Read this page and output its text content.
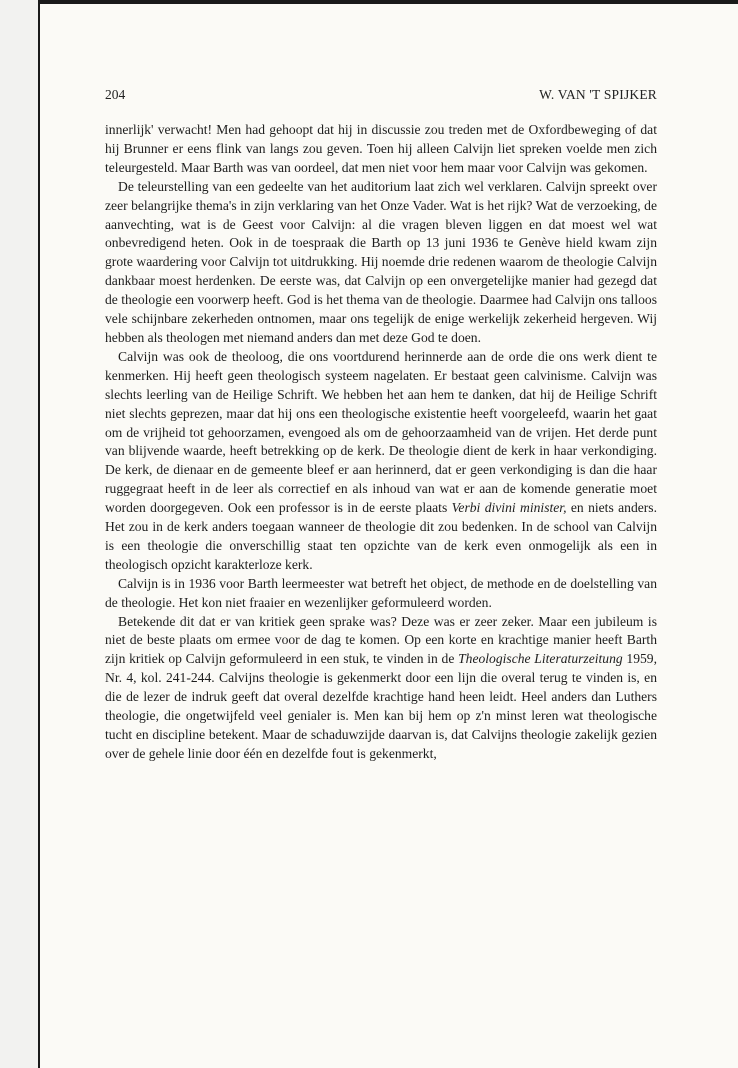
204	W. VAN 'T SPIJKER

innerlijk' verwacht! Men had gehoopt dat hij in discussie zou treden met de Oxfordbeweging of dat hij Brunner er eens flink van langs zou geven. Toen hij alleen Calvijn liet spreken voelde men zich teleurgesteld. Maar Barth was van oordeel, dat men niet voor hem maar voor Calvijn was gekomen.

De teleurstelling van een gedeelte van het auditorium laat zich wel verklaren. Calvijn spreekt over zeer belangrijke thema's in zijn verklaring van het Onze Vader. Wat is het rijk? Wat de verzoeking, de aanvechting, wat is de Geest voor Calvijn: al die vragen bleven liggen en dat moest wel wat onbevredigend heten. Ook in de toespraak die Barth op 13 juni 1936 te Genève hield kwam zijn grote waardering voor Calvijn tot uitdrukking. Hij noemde drie redenen waarom de theologie Calvijn dankbaar moest herdenken. De eerste was, dat Calvijn op een onvergetelijke manier had gezegd dat de theologie een voorwerp heeft. God is het thema van de theologie. Daarmee had Calvijn ons talloos vele schijnbare zekerheden ontnomen, maar ons tegelijk de enige werkelijk zekerheid hergeven. Wij hebben als theologen met niemand anders dan met deze God te doen.

Calvijn was ook de theoloog, die ons voortdurend herinnerde aan de orde die ons werk dient te kenmerken. Hij heeft geen theologisch systeem nagelaten. Er bestaat geen calvinisme. Calvijn was slechts leerling van de Heilige Schrift. We hebben het aan hem te danken, dat hij de Heilige Schrift niet slechts geprezen, maar dat hij ons een theologische existentie heeft voorgeleefd, waarin het gaat om de vrijheid tot gehoorzamen, evengoed als om de gehoorzaamheid van de vrijen. Het derde punt van blijvende waarde, heeft betrekking op de kerk. De theologie dient de kerk in haar verkondiging. De kerk, de dienaar en de gemeente bleef er aan herinnerd, dat er geen verkondiging is dan die haar ruggegraat heeft in de leer als correctief en als inhoud van wat er aan de komende generatie moet worden doorgegeven. Ook een professor is in de eerste plaats Verbi divini minister, en niets anders. Het zou in de kerk anders toegaan wanneer de theologie dit zou bedenken. In de school van Calvijn is een theologie die onverschillig staat ten opzichte van de kerk even onmogelijk als een in theologisch opzicht karakterloze kerk.

Calvijn is in 1936 voor Barth leermeester wat betreft het object, de methode en de doelstelling van de theologie. Het kon niet fraaier en wezenlijker geformuleerd worden.

Betekende dit dat er van kritiek geen sprake was? Deze was er zeer zeker. Maar een jubileum is niet de beste plaats om ermee voor de dag te komen. Op een korte en krachtige manier heeft Barth zijn kritiek op Calvijn geformuleerd in een stuk, te vinden in de Theologische Literaturzeitung 1959, Nr. 4, kol. 241-244. Calvijns theologie is gekenmerkt door een lijn die overal terug te vinden is, en die de lezer de indruk geeft dat overal dezelfde krachtige hand heen leidt. Heel anders dan Luthers theologie, die ongetwijfeld veel genialer is. Men kan bij hem op z'n minst leren wat theologische tucht en discipline betekent. Maar de schaduwzijde daarvan is, dat Calvijns theologie zakelijk gezien over de gehele linie door één en dezelfde fout is gekenmerkt,
